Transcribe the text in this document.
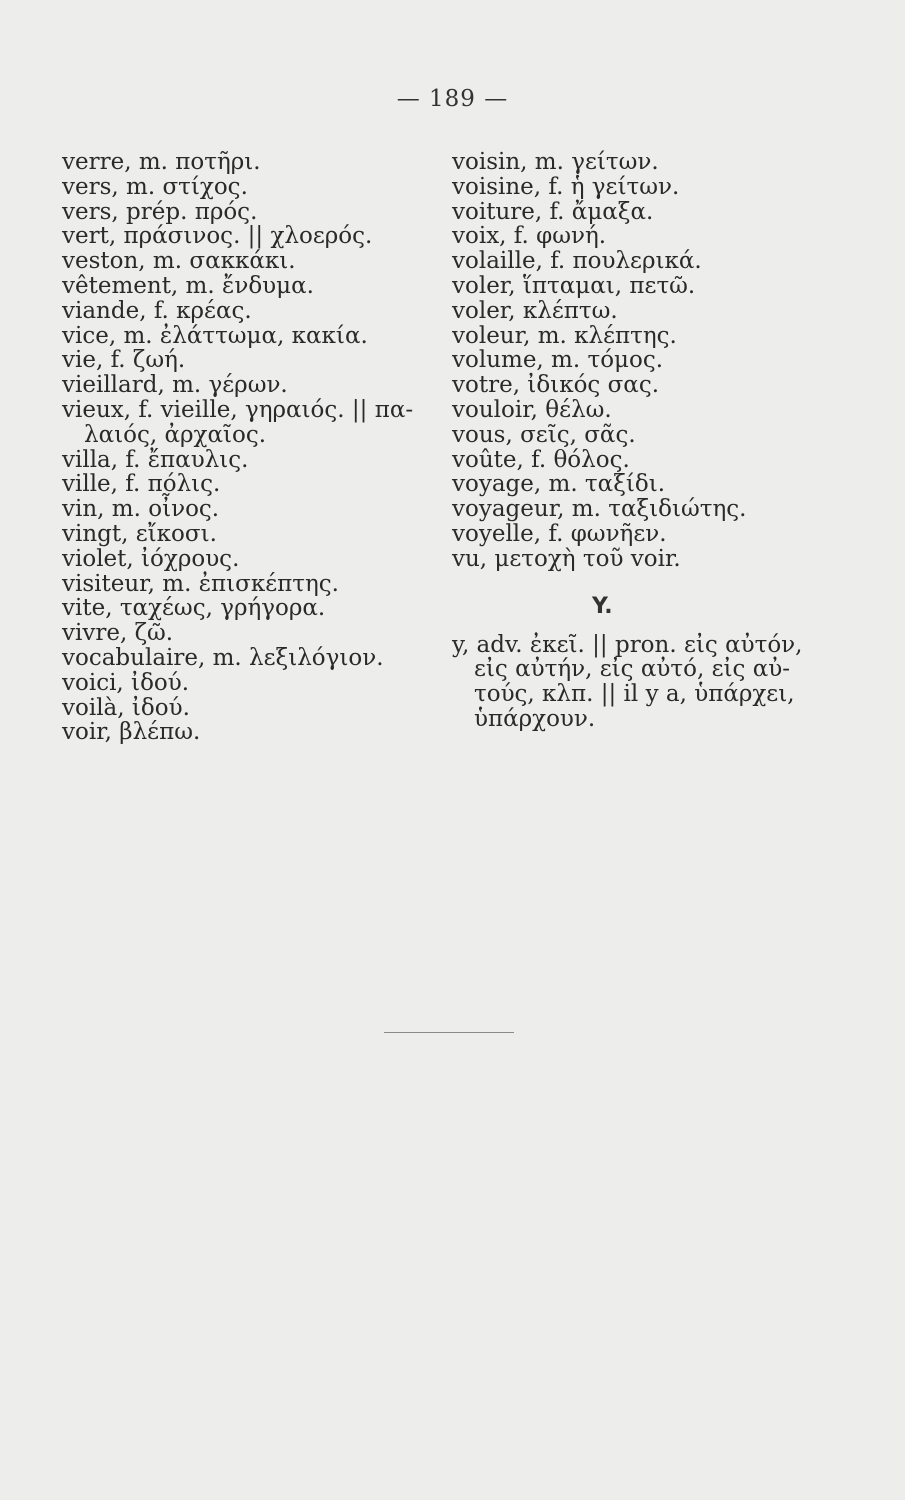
— 189 —
verre, m. ποτῆρι.
vers, m. στίχος.
vers, prép. πρός.
vert, πράσινος. || χλοερός.
veston, m. σακκάκι.
vêtement, m. ἔνδυμα.
viande, f. κρέας.
vice, m. ἐλάττωμα, κακία.
vie, f. ζωή.
vieillard, m. γέρων.
vieux, f. vieille, γηραιός. || πα-
λαιός, ἀρχαῖος.
villa, f. ἔπαυλις.
ville, f. πόλις.
vin, m. οἶνος.
vingt, εἴκοσι.
violet, ἰόχρους.
visiteur, m. ἐπισκέπτης.
vite, ταχέως, γρήγορα.
vivre, ζῶ.
vocabulaire, m. λεξιλόγιον.
voici, ἰδού.
voilà, ἰδού.
voir, βλέπω.
voisin, m. γείτων.
voisine, f. ἡ γείτων.
voiture, f. ἄμαξα.
voix, f. φωνή.
volaille, f. πουλερικά.
voler, ἵπταμαι, πετῶ.
voler, κλέπτω.
voleur, m. κλέπτης.
volume, m. τόμος.
votre, ἰδικός σας.
vouloir, θέλω.
vous, σεῖς, σᾶς.
voûte, f. θόλος.
voyage, m. ταξίδι.
voyageur, m. ταξιδιώτης.
voyelle, f. φωνῆεν.
vu, μετοχὴ τοῦ voir.
Y.
y, adv. ἐκεῖ. || pron. εἰς αὐτόν,
εἰς αὐτήν, εἰς αὐτό, εἰς αὐ-
τούς, κλπ. || il y a, ὑπάρχει,
ὑπάρχουν.
